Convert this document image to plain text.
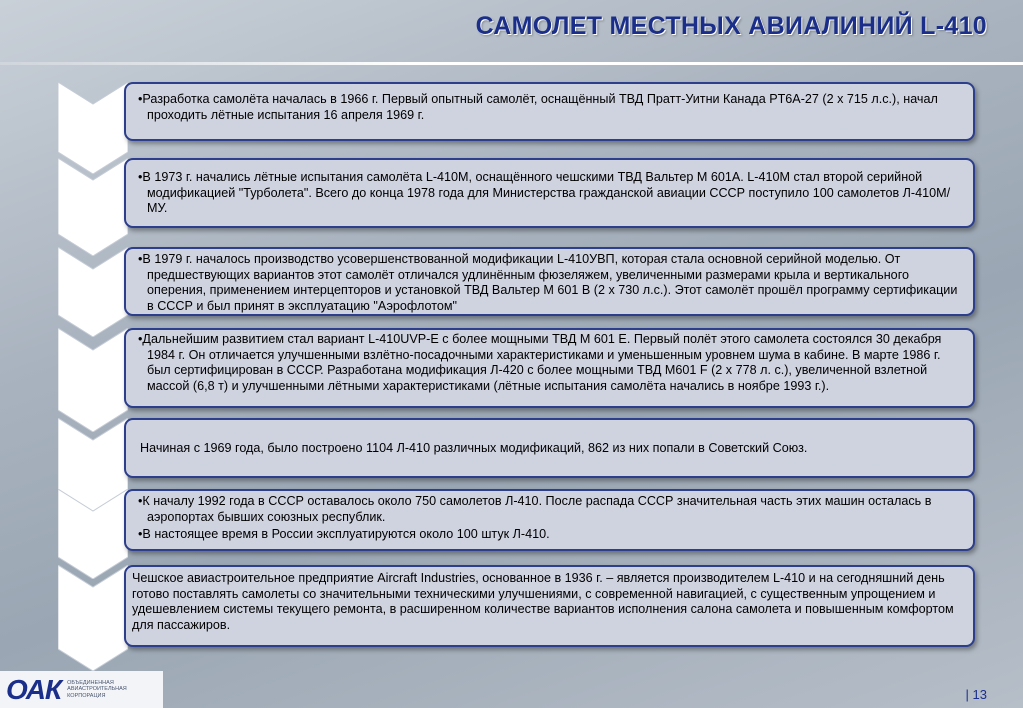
САМОЛЕТ МЕСТНЫХ АВИАЛИНИЙ L-410
• Разработка самолёта началась в 1966 г. Первый опытный самолёт, оснащённый ТВД Пратт-Уитни Канада PT6A-27 (2 х 715 л.с.), начал проходить лётные испытания 16 апреля 1969 г.
• В 1973 г. начались лётные испытания самолёта L-410M, оснащённого чешскими ТВД Вальтер М 601А. L-410M стал второй серийной модификацией "Турболета". Всего до конца 1978 года для Министерства гражданской авиации СССР поступило 100 самолетов Л-410М/МУ.
• В 1979 г. началось производство усовершенствованной модификации L-410УВП, которая стала основной серийной моделью. От предшествующих вариантов этот самолёт отличался удлинённым фюзеляжем, увеличенными размерами крыла и вертикального оперения, применением интерцепторов и установкой ТВД Вальтер М 601 В (2 х 730 л.с.). Этот самолёт прошёл программу сертификации в СССР и был принят в эксплуатацию "Аэрофлотом"
• Дальнейшим развитием стал вариант L-410UVP-E с более мощными ТВД М 601 Е. Первый полёт этого самолета состоялся 30 декабря 1984 г. Он отличается улучшенными взлётно-посадочными характеристиками и уменьшенным уровнем шума в кабине. В марте 1986 г. был сертифицирован в СССР. Разработана модификация Л-420 с более мощными ТВД М601 F (2 х 778 л. с.), увеличенной взлетной массой (6,8 т) и улучшенными лётными характеристиками (лётные испытания самолёта начались в ноябре 1993 г.).
Начиная с 1969 года, было построено 1104 Л-410 различных модификаций, 862 из них попали в Советский Союз.
• К началу 1992 года в СССР оставалось около 750 самолетов Л-410. После распада СССР значительная часть этих машин осталась в аэропортах бывших союзных республик.
• В настоящее время в России эксплуатируются около 100 штук Л-410.
Чешское авиастроительное предприятие Aircraft Industries, основанное в 1936 г. – является производителем L-410 и на сегодняшний день готово поставлять самолеты со значительными техническими улучшениями, с современной навигацией, с существенным упрощением и удешевлением системы текущего ремонта, в расширенном количестве вариантов исполнения салона самолета и повышенным комфортом для пассажиров.
ОАК ОБЪЕДИНЕННАЯ АВИАСТРОИТЕЛЬНАЯ КОРПОРАЦИЯ	| 13
